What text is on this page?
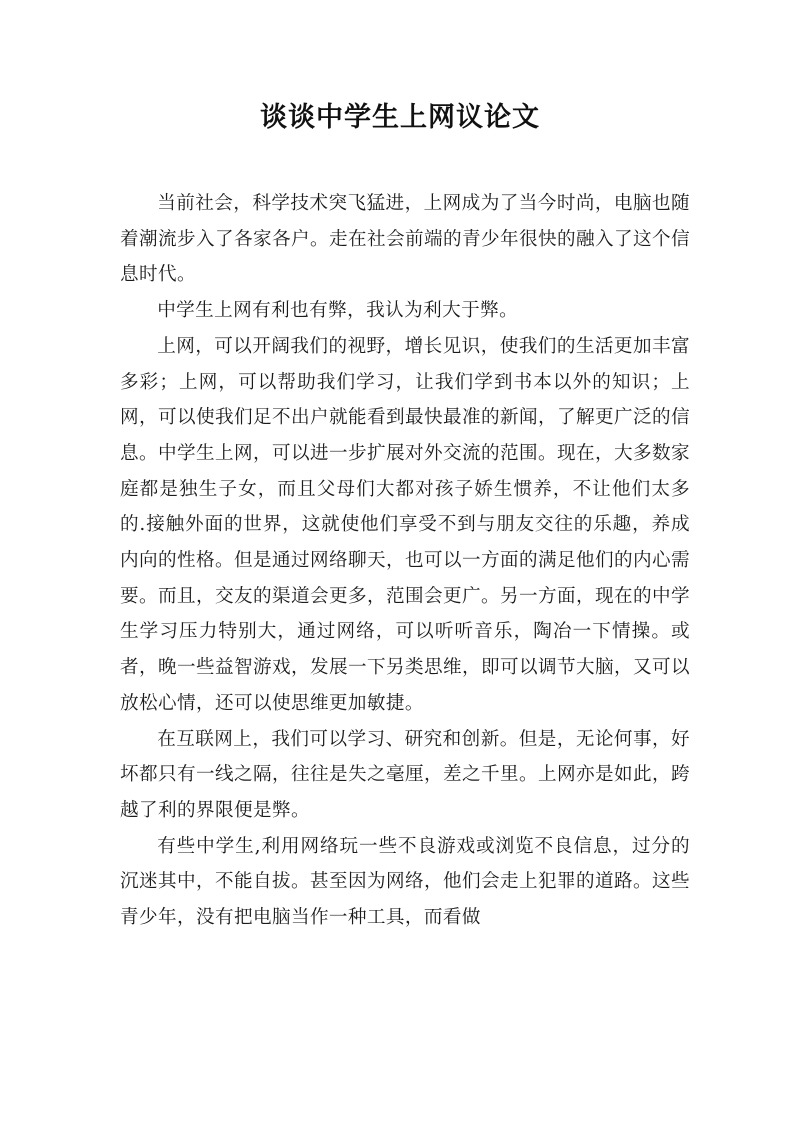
谈谈中学生上网议论文

当前社会，科学技术突飞猛进，上网成为了当今时尚，电脑也随着潮流步入了各家各户。走在社会前端的青少年很快的融入了这个信息时代。

中学生上网有利也有弊，我认为利大于弊。

上网，可以开阔我们的视野，增长见识，使我们的生活更加丰富多彩；上网，可以帮助我们学习，让我们学到书本以外的知识；上网，可以使我们足不出户就能看到最快最准的新闻，了解更广泛的信息。中学生上网，可以进一步扩展对外交流的范围。现在，大多数家庭都是独生子女，而且父母们大都对孩子娇生惯养，不让他们太多的.接触外面的世界，这就使他们享受不到与朋友交往的乐趣，养成内向的性格。但是通过网络聊天，也可以一方面的满足他们的内心需要。而且，交友的渠道会更多，范围会更广。另一方面，现在的中学生学习压力特别大，通过网络，可以听听音乐，陶冶一下情操。或者，晚一些益智游戏，发展一下另类思维，即可以调节大脑，又可以放松心情，还可以使思维更加敏捷。

在互联网上，我们可以学习、研究和创新。但是，无论何事，好坏都只有一线之隔，往往是失之毫厘，差之千里。上网亦是如此，跨越了利的界限便是弊。

有些中学生,利用网络玩一些不良游戏或浏览不良信息，过分的沉迷其中，不能自拔。甚至因为网络，他们会走上犯罪的道路。这些青少年，没有把电脑当作一种工具，而看做
